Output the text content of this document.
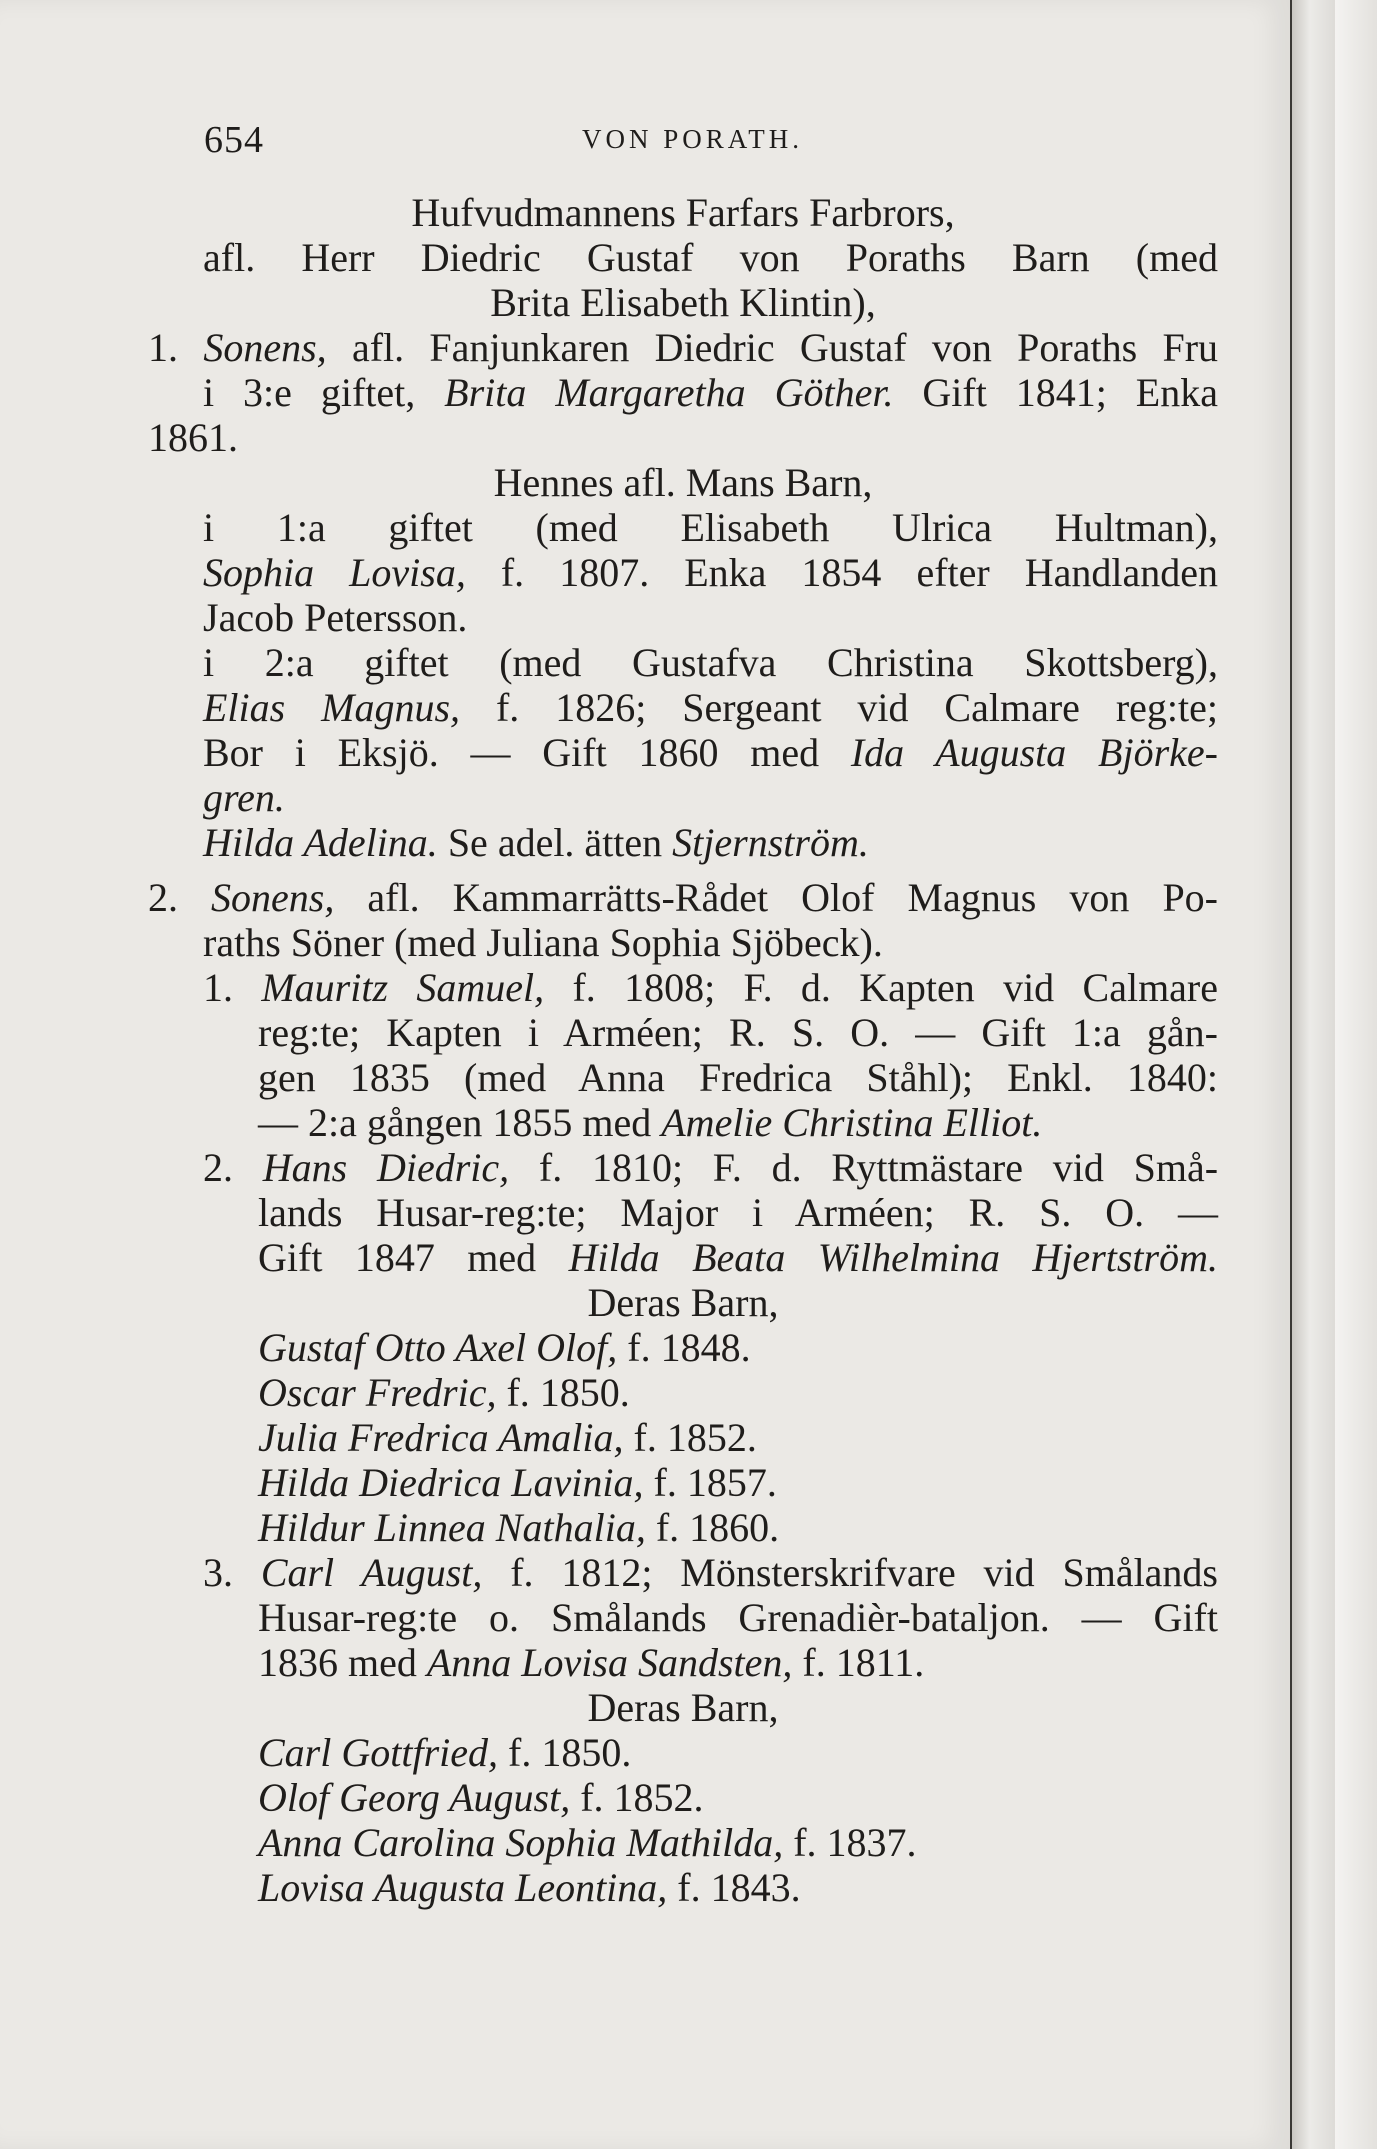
654	VON PORATH.
Hufvudmannens Farfars Farbrors,
afl. Herr Diedric Gustaf von Poraths Barn (med
Brita Elisabeth Klintin),
1. Sonens, afl. Fanjunkaren Diedric Gustaf von Poraths Fru
i 3:e giftet, Brita Margaretha Göther. Gift 1841; Enka
1861.
Hennes afl. Mans Barn,
i 1:a giftet (med Elisabeth Ulrica Hultman),
Sophia Lovisa, f. 1807. Enka 1854 efter Handlanden
Jacob Petersson.
i 2:a giftet (med Gustafva Christina Skottsberg),
Elias Magnus, f. 1826; Sergeant vid Calmare reg:te;
Bor i Eksjö. — Gift 1860 med Ida Augusta Björke-
gren.
Hilda Adelina. Se adel. ätten Stjernström.
2. Sonens, afl. Kammarrätts-Rådet Olof Magnus von Po-
raths Söner (med Juliana Sophia Sjöbeck).
1. Mauritz Samuel, f. 1808; F. d. Kapten vid Calmare
reg:te; Kapten i Arméen; R. S. O. — Gift 1:a gån-
gen 1835 (med Anna Fredrica Ståhl); Enkl. 1840:
— 2:a gången 1855 med Amelie Christina Elliot.
2. Hans Diedric, f. 1810; F. d. Ryttmästare vid Små-
lands Husar-reg:te; Major i Arméen; R. S. O. —
Gift 1847 med Hilda Beata Wilhelmina Hjertström.
Deras Barn,
Gustaf Otto Axel Olof, f. 1848.
Oscar Fredric, f. 1850.
Julia Fredrica Amalia, f. 1852.
Hilda Diedrica Lavinia, f. 1857.
Hildur Linnea Nathalia, f. 1860.
3. Carl August, f. 1812; Mönsterskrifvare vid Smålands
Husar-reg:te o. Smålands Grenadièr-bataljon. — Gift
1836 med Anna Lovisa Sandsten, f. 1811.
Deras Barn,
Carl Gottfried, f. 1850.
Olof Georg August, f. 1852.
Anna Carolina Sophia Mathilda, f. 1837.
Lovisa Augusta Leontina, f. 1843.
